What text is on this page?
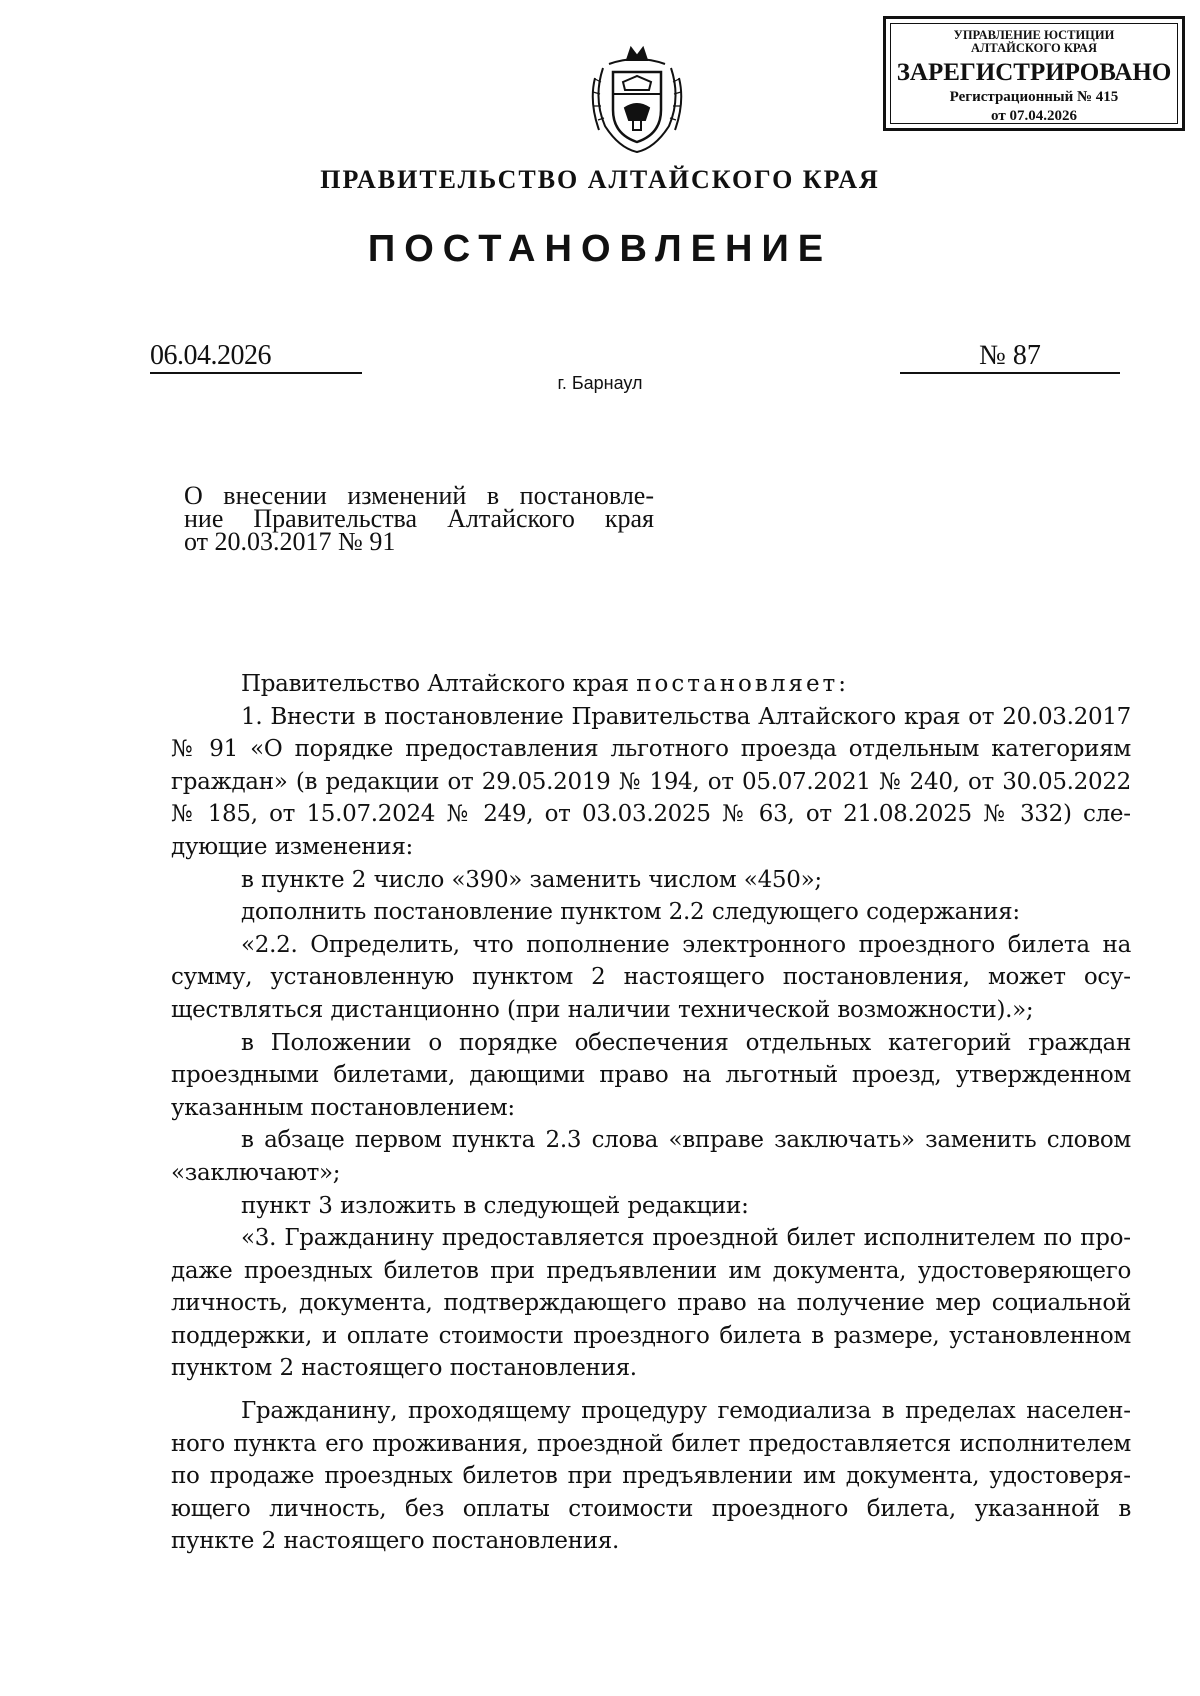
УПРАВЛЕНИЕ ЮСТИЦИИ
АЛТАЙСКОГО КРАЯ
ЗАРЕГИСТРИРОВАНО
Регистрационный № 415
от 07.04.2026
ПРАВИТЕЛЬСТВО АЛТАЙСКОГО КРАЯ
ПОСТАНОВЛЕНИЕ
06.04.2026	№ 87
г. Барнаул
О внесении изменений в постановле-
ние Правительства Алтайского края
от 20.03.2017 № 91

Правительство Алтайского края постановляет:

1. Внести в постановление Правительства Алтайского края от 20.03.2017 № 91 «О порядке предоставления льготного проезда отдельным категориям граждан» (в редакции от 29.05.2019 № 194, от 05.07.2021 № 240, от 30.05.2022 № 185, от 15.07.2024 № 249, от 03.03.2025 № 63, от 21.08.2025 № 332) следующие изменения:

в пункте 2 число «390» заменить числом «450»;

дополнить постановление пунктом 2.2 следующего содержания:

«2.2. Определить, что пополнение электронного проездного билета на сумму, установленную пунктом 2 настоящего постановления, может осуществляться дистанционно (при наличии технической возможности).»;

в Положении о порядке обеспечения отдельных категорий граждан проездными билетами, дающими право на льготный проезд, утвержденном указанным постановлением:

в абзаце первом пункта 2.3 слова «вправе заключать» заменить словом «заключают»;

пункт 3 изложить в следующей редакции:

«3. Гражданину предоставляется проездной билет исполнителем по продаже проездных билетов при предъявлении им документа, удостоверяющего личность, документа, подтверждающего право на получение мер социальной поддержки, и оплате стоимости проездного билета в размере, установленном пунктом 2 настоящего постановления.

Гражданину, проходящему процедуру гемодиализа в пределах населенного пункта его проживания, проездной билет предоставляется исполнителем по продаже проездных билетов при предъявлении им документа, удостоверяющего личность, без оплаты стоимости проездного билета, указанной в пункте 2 настоящего постановления.
